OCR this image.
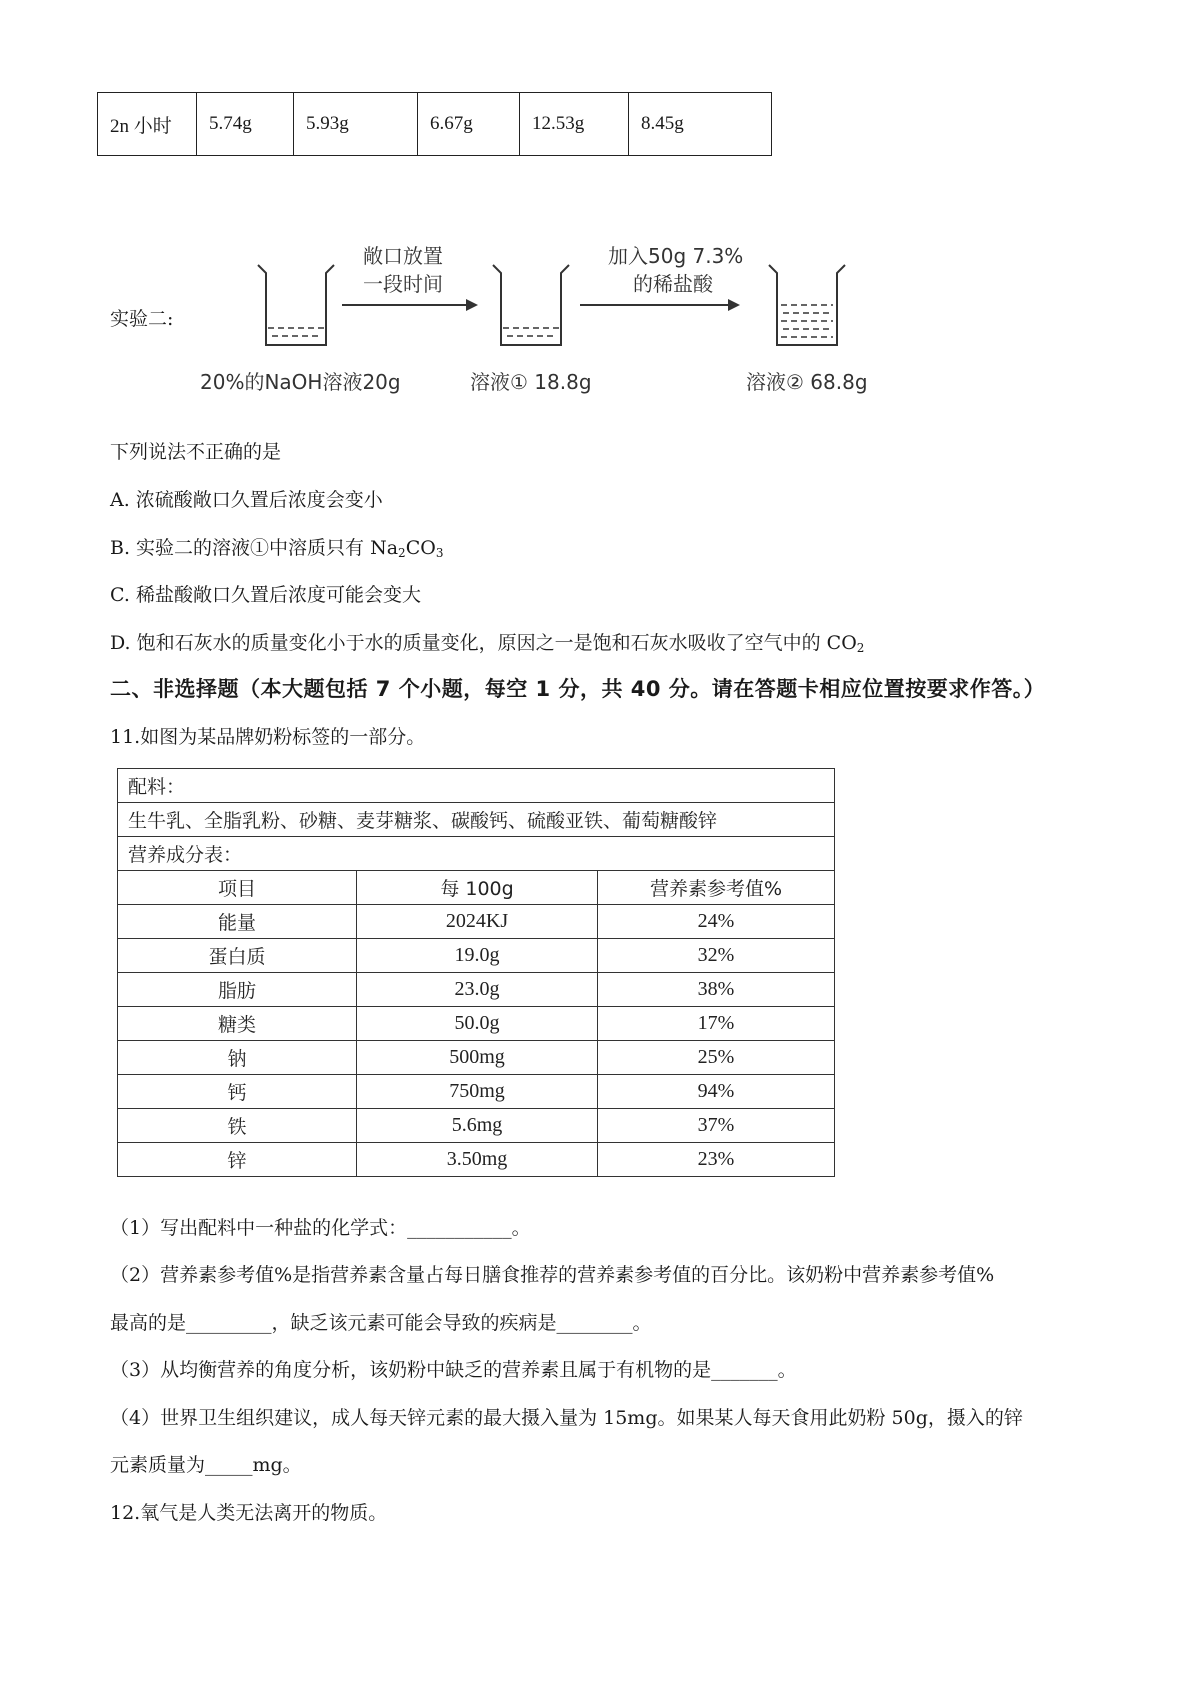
2n 小时	5.74g	5.93g	6.67g	12.53g	8.45g
实验二:
敞口放置
一段时间
加入50g 7.3%
的稀盐酸
20%的NaOH溶液20g	溶液① 18.8g	溶液② 68.8g
下列说法不正确的是
A. 浓硫酸敞口久置后浓度会变小
B. 实验二的溶液①中溶质只有 $Na_2CO_3$
C. 稀盐酸敞口久置后浓度可能会变大
D. 饱和石灰水的质量变化小于水的质量变化，原因之一是饱和石灰水吸收了空气中的 $CO_2$
二、非选择题（本大题包括 7 个小题，每空 1 分，共 40 分。请在答题卡相应位置按要求作答。）
11.如图为某品牌奶粉标签的一部分。
配料：		
生牛乳、全脂乳粉、砂糖、麦芽糖浆、碳酸钙、硫酸亚铁、葡萄糖酸锌		
营养成分表：		
项目	每 100g	营养素参考值%
能量	2024KJ	24%
蛋白质	19.0g	32%
脂肪	23.0g	38%
糖类	50.0g	17%
钠	500mg	25%
钙	750mg	94%
铁	5.6mg	37%
锌	3.50mg	23%
（1）写出配料中一种盐的化学式：___________。
（2）营养素参考值%是指营养素含量占每日膳食推荐的营养素参考值的百分比。该奶粉中营养素参考值%
最高的是_________，缺乏该元素可能会导致的疾病是________。
（3）从均衡营养的角度分析，该奶粉中缺乏的营养素且属于有机物的是_______。
（4）世界卫生组织建议，成人每天锌元素的最大摄入量为 15mg。如果某人每天食用此奶粉 50g，摄入的锌
元素质量为_____mg。
12.氧气是人类无法离开的物质。
